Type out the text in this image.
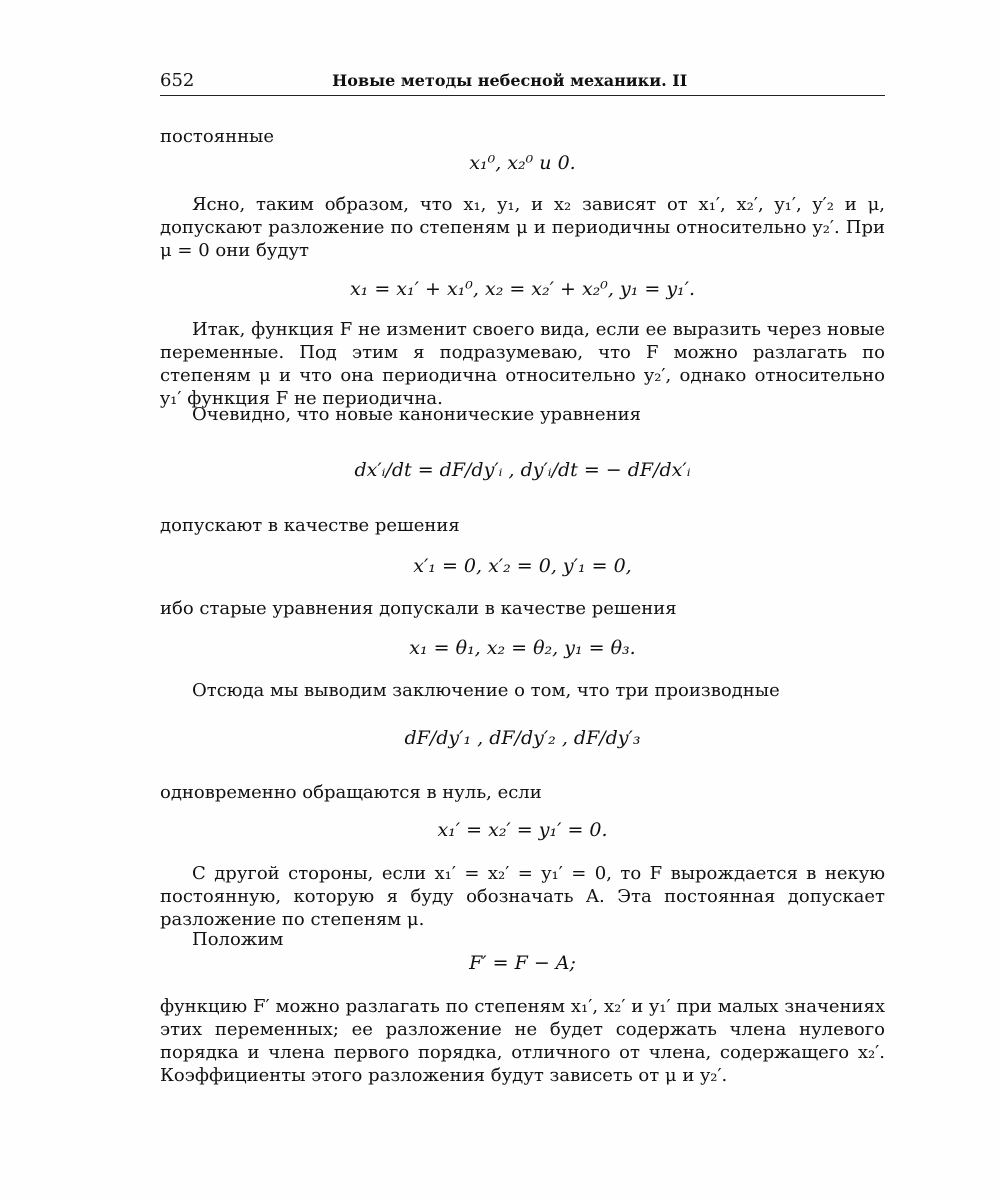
652	Новые методы небесной механики. II

постоянные

x₁⁰, x₂⁰ и 0.

Ясно, таким образом, что x₁, y₁, и x₂ зависят от x₁′, x₂′, y₁′, y′₂ и μ, допускают разложение по степеням μ и периодичны относительно y₂′. При μ = 0 они будут

x₁ = x₁′ + x₁⁰, x₂ = x₂′ + x₂⁰, y₁ = y₁′.

Итак, функция F не изменит своего вида, если ее выразить через новые переменные. Под этим я подразумеваю, что F можно разлагать по степеням μ и что она периодична относительно y₂′, однако относительно y₁′ функция F не периодична.

Очевидно, что новые канонические уравнения

dx′ᵢ/dt = dF/dy′ᵢ , dy′ᵢ/dt = − dF/dx′ᵢ

допускают в качестве решения

x′₁ = 0, x′₂ = 0, y′₁ = 0,

ибо старые уравнения допускали в качестве решения

x₁ = θ₁, x₂ = θ₂, y₁ = θ₃.

Отсюда мы выводим заключение о том, что три производные

dF/dy′₁ , dF/dy′₂ , dF/dy′₃

одновременно обращаются в нуль, если

x₁′ = x₂′ = y₁′ = 0.

С другой стороны, если x₁′ = x₂′ = y₁′ = 0, то F вырождается в некую постоянную, которую я буду обозначать A. Эта постоянная допускает разложение по степеням μ.

Положим

F′ = F − A;

функцию F′ можно разлагать по степеням x₁′, x₂′ и y₁′ при малых значениях этих переменных; ее разложение не будет содержать члена нулевого порядка и члена первого порядка, отличного от члена, содержащего x₂′. Коэффициенты этого разложения будут зависеть от μ и y₂′.
